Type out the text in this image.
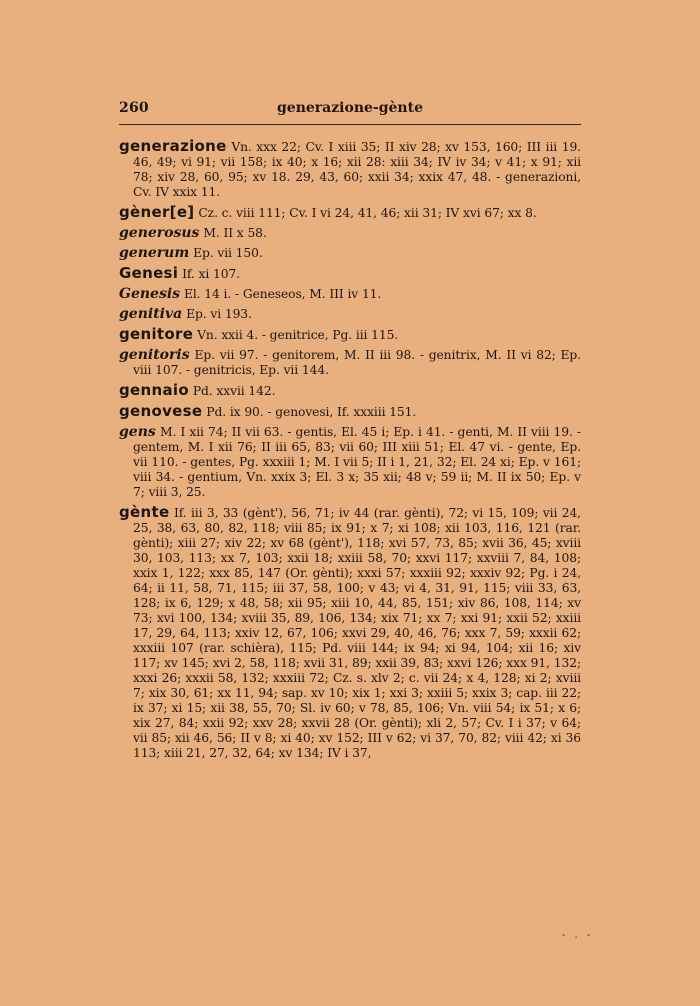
260	generazione-gènte
generazione Vn. xxx 22; Cv. I xiii 35; II xiv 28; xv 153, 160; III iii 19. 46, 49; vi 91; vii 158; ix 40; x 16; xii 28: xiii 34; IV iv 34; v 41; x 91; xii 78; xiv 28, 60, 95; xv 18. 29, 43, 60; xxii 34; xxix 47, 48. - generazioni, Cv. IV xxix 11.
gèner[e] Cz. c. viii 111; Cv. I vi 24, 41, 46; xii 31; IV xvi 67; xx 8.
generosus M. II x 58.
generum Ep. vii 150.
Genesi If. xi 107.
Genesis El. 14 i. - Geneseos, M. III iv 11.
genitiva Ep. vi 193.
genitore Vn. xxii 4. - genitrice, Pg. iii 115.
genitoris Ep. vii 97. - genitorem, M. II iii 98. - genitrix, M. II vi 82; Ep. viii 107. - genitricis, Ep. vii 144.
gennaio Pd. xxvii 142.
genovese Pd. ix 90. - genovesi, If. xxxiii 151.
gens M. I xii 74; II vii 63. - gentis, El. 45 i; Ep. i 41. - genti, M. II viii 19. - gentem, M. I xii 76; II iii 65, 83; vii 60; III xiii 51; El. 47 vi. - gente, Ep. vii 110. - gentes, Pg. xxxiii 1; M. I vii 5; II i 1, 21, 32; El. 24 xi; Ep. v 161; viii 34. - gentium, Vn. xxix 3; El. 3 x; 35 xii; 48 v; 59 ii; M. II ix 50; Ep. v 7; viii 3, 25.
gènte If. iii 3, 33 (gènt'), 56, 71; iv 44 (rar. gènti), 72; vi 15, 109; vii 24, 25, 38, 63, 80, 82, 118; viii 85; ix 91; x 7; xi 108; xii 103, 116, 121 (rar. gènti); xiii 27; xiv 22; xv 68 (gènt'), 118; xvi 57, 73, 85; xvii 36, 45; xviii 30, 103, 113; xx 7, 103; xxii 18; xxiii 58, 70; xxvi 117; xxviii 7, 84, 108; xxix 1, 122; xxx 85, 147 (Or. gènti); xxxi 57; xxxiii 92; xxxiv 92; Pg. i 24, 64; ii 11, 58, 71, 115; iii 37, 58, 100; v 43; vi 4, 31, 91, 115; viii 33, 63, 128; ix 6, 129; x 48, 58; xii 95; xiii 10, 44, 85, 151; xiv 86, 108, 114; xv 73; xvi 100, 134; xviii 35, 89, 106, 134; xix 71; xx 7; xxi 91; xxii 52; xxiii 17, 29, 64, 113; xxiv 12, 67, 106; xxvi 29, 40, 46, 76; xxx 7, 59; xxxii 62; xxxiii 107 (rar. schièra), 115; Pd. viii 144; ix 94; xi 94, 104; xii 16; xiv 117; xv 145; xvi 2, 58, 118; xvii 31, 89; xxii 39, 83; xxvi 126; xxx 91, 132; xxxi 26; xxxii 58, 132; xxxiii 72; Cz. s. xlv 2; c. vii 24; x 4, 128; xi 2; xviii 7; xix 30, 61; xx 11, 94; sap. xv 10; xix 1; xxi 3; xxiii 5; xxix 3; cap. iii 22; ix 37; xi 15; xii 38, 55, 70; Sl. iv 60; v 78, 85, 106; Vn. viii 54; ix 51; x 6; xix 27, 84; xxii 92; xxv 28; xxvii 28 (Or. gènti); xli 2, 57; Cv. I i 37; v 64; vii 85; xii 46, 56; II v 8; xi 40; xv 152; III v 62; vi 37, 70, 82; viii 42; xi 36 113; xiii 21, 27, 32, 64; xv 134; IV i 37,
- . -
